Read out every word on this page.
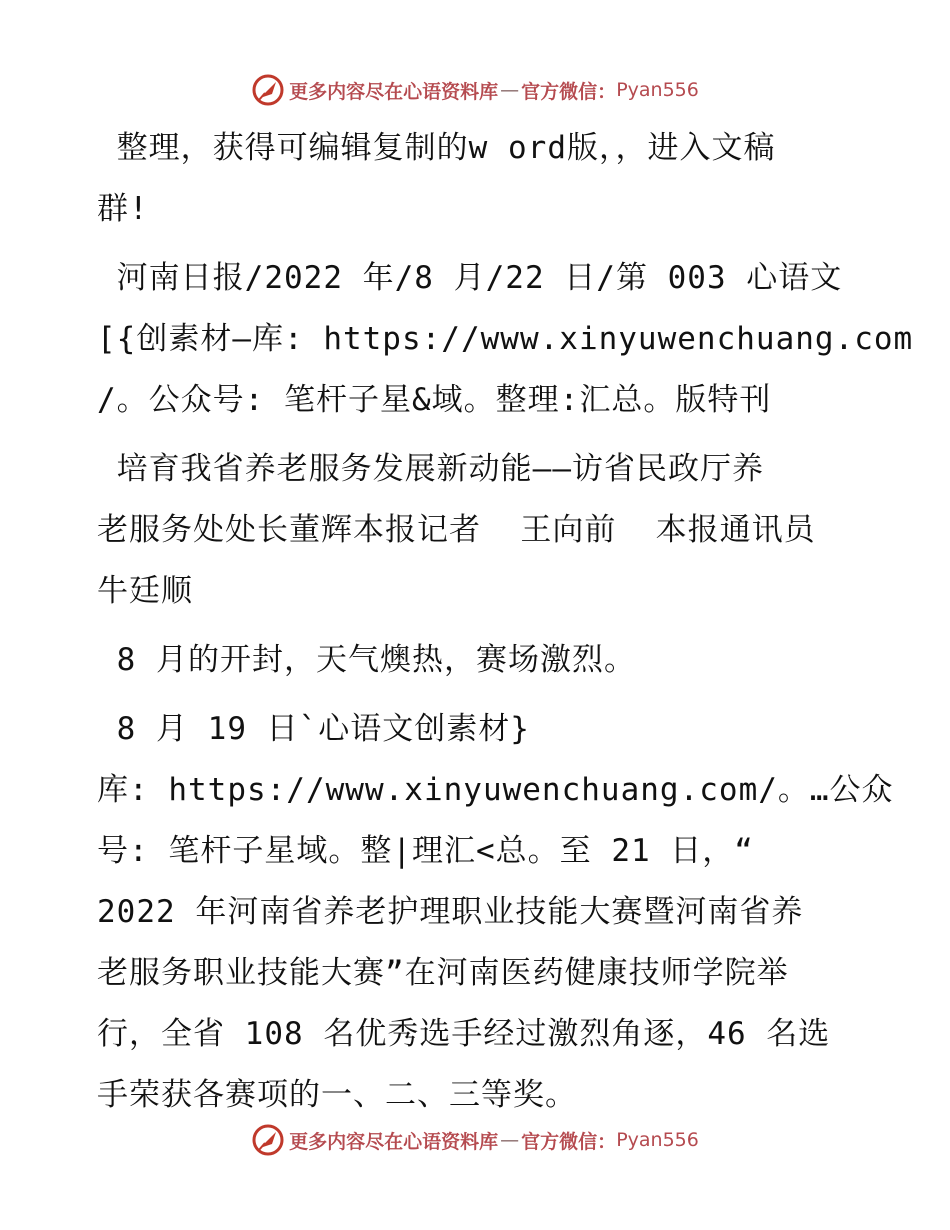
更多内容尽在心语资料库 — 官方微信： Pyan556

整理，获得可编辑复制的w ord版，，进入文稿
群!

河南日报/2022 年/8 月/22 日/第 003 心语文
[{创素材—库: https://www.xinyuwenchuang.com
/。公众号: 笔杆子星&域。整理:汇总。版特刊

培育我省养老服务发展新动能——访省民政厅养
老服务处处长董辉本报记者  王向前  本报通讯员
牛廷顺

8 月的开封，天气燠热，赛场激烈。

8 月 19 日`心语文创素材}
库: https://www.xinyuwenchuang.com/。…公众
号: 笔杆子星域。整|理汇<总。至 21 日，“
2022 年河南省养老护理职业技能大赛暨河南省养
老服务职业技能大赛”在河南医药健康技师学院举
行，全省 108 名优秀选手经过激烈角逐，46 名选
手荣获各赛项的一、二、三等奖。

更多内容尽在心语资料库 — 官方微信： Pyan556
